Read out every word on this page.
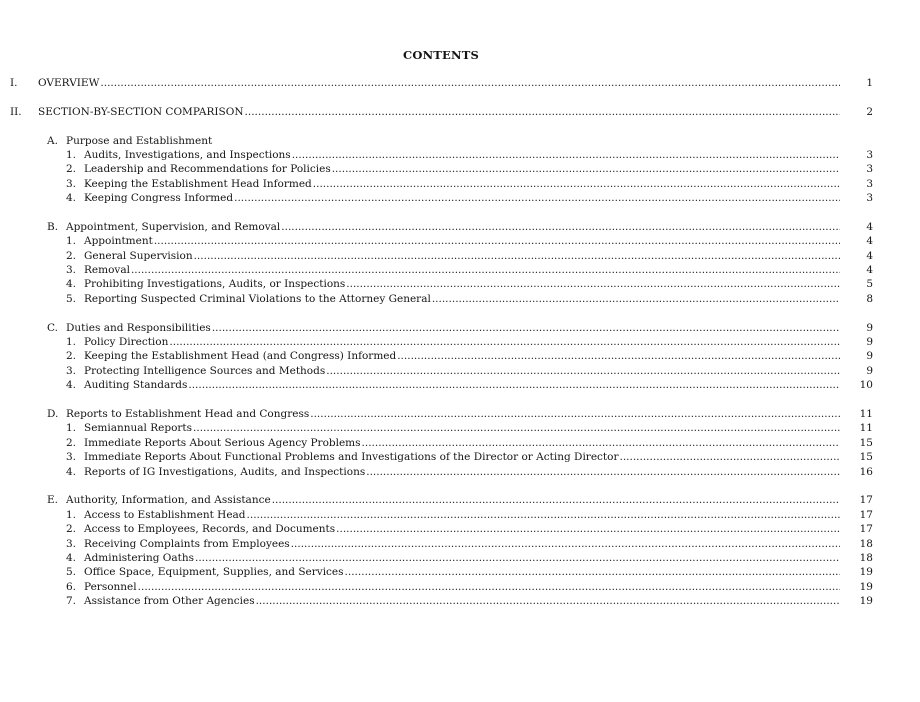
CONTENTS
I.	OVERVIEW .....	1
II.	SECTION-BY-SECTION COMPARISON .....	2
A. Purpose and Establishment
1. Audits, Investigations, and Inspections .....	3
2. Leadership and Recommendations for Policies .....	3
3. Keeping the Establishment Head Informed .....	3
4. Keeping Congress Informed .....	3
B. Appointment, Supervision, and Removal .....	4
1. Appointment .....	4
2. General Supervision .....	4
3. Removal .....	4
4. Prohibiting Investigations, Audits, or Inspections .....	5
5. Reporting Suspected Criminal Violations to the Attorney General .....	8
C. Duties and Responsibilities .....	9
1. Policy Direction .....	9
2. Keeping the Establishment Head (and Congress) Informed .....	9
3. Protecting Intelligence Sources and Methods .....	9
4. Auditing Standards .....	10
D. Reports to Establishment Head and Congress .....	11
1. Semiannual Reports .....	11
2. Immediate Reports About Serious Agency Problems .....	15
3. Immediate Reports About Functional Problems and Investigations of the Director or Acting Director .....	15
4. Reports of IG Investigations, Audits, and Inspections .....	16
E. Authority, Information, and Assistance .....	17
1. Access to Establishment Head .....	17
2. Access to Employees, Records, and Documents .....	17
3. Receiving Complaints from Employees .....	18
4. Administering Oaths .....	18
5. Office Space, Equipment, Supplies, and Services .....	19
6. Personnel .....	19
7. Assistance from Other Agencies .....	19
